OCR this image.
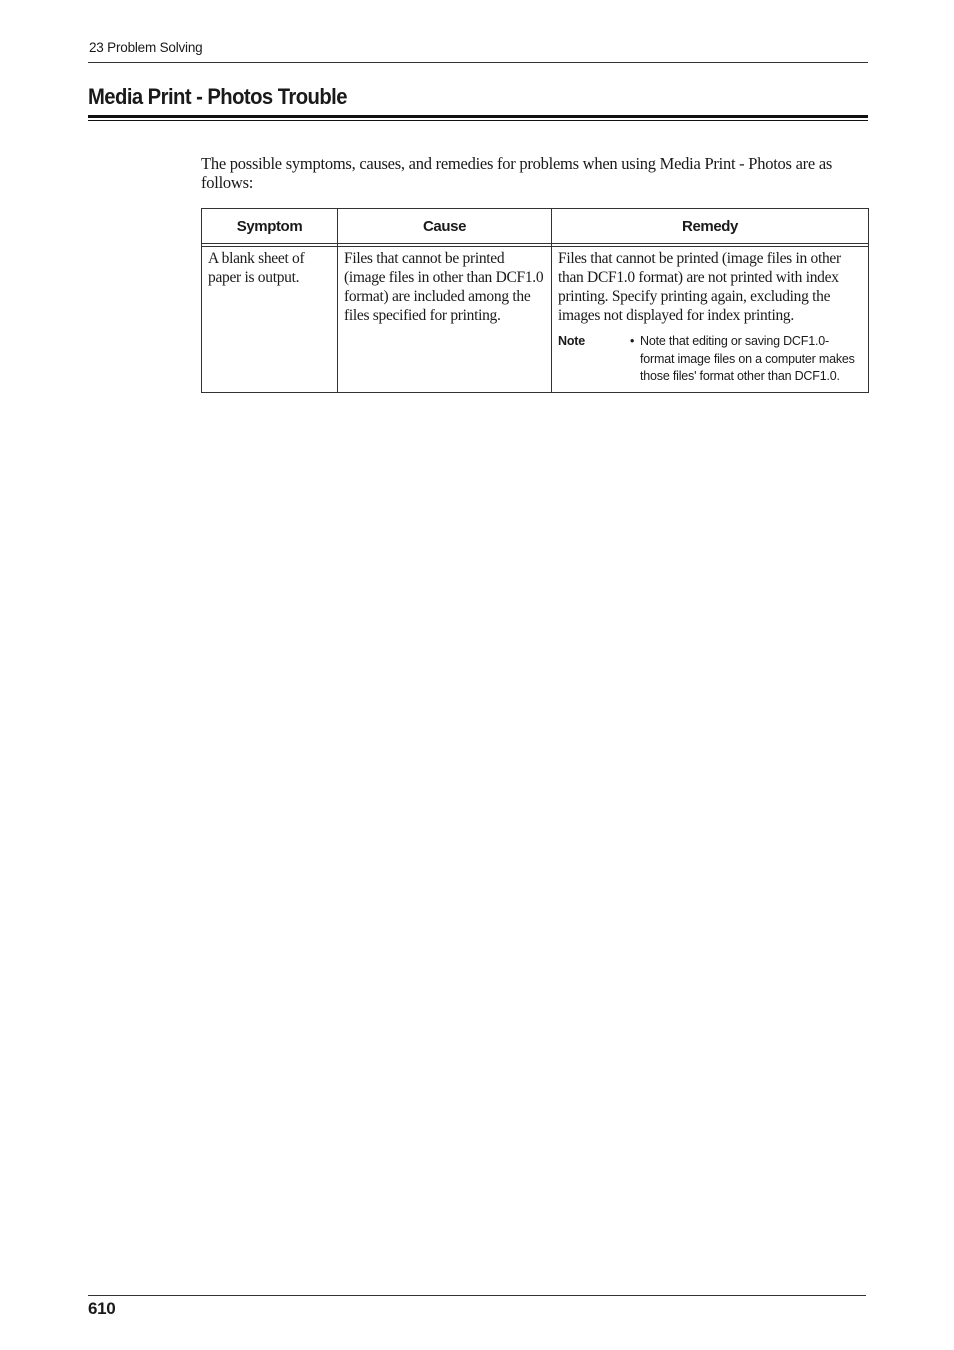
23 Problem Solving
Media Print - Photos Trouble

The possible symptoms, causes, and remedies for problems when using Media Print - Photos are as follows:

Symptom	Cause	Remedy

A blank sheet of paper is output.	Files that cannot be printed (image files in other than DCF1.0 format) are included among the files specified for printing.	Files that cannot be printed (image files in other than DCF1.0 format) are not printed with index printing. Specify printing again, excluding the images not displayed for index printing.
Note • Note that editing or saving DCF1.0-format image files on a computer makes those files' format other than DCF1.0.
610
